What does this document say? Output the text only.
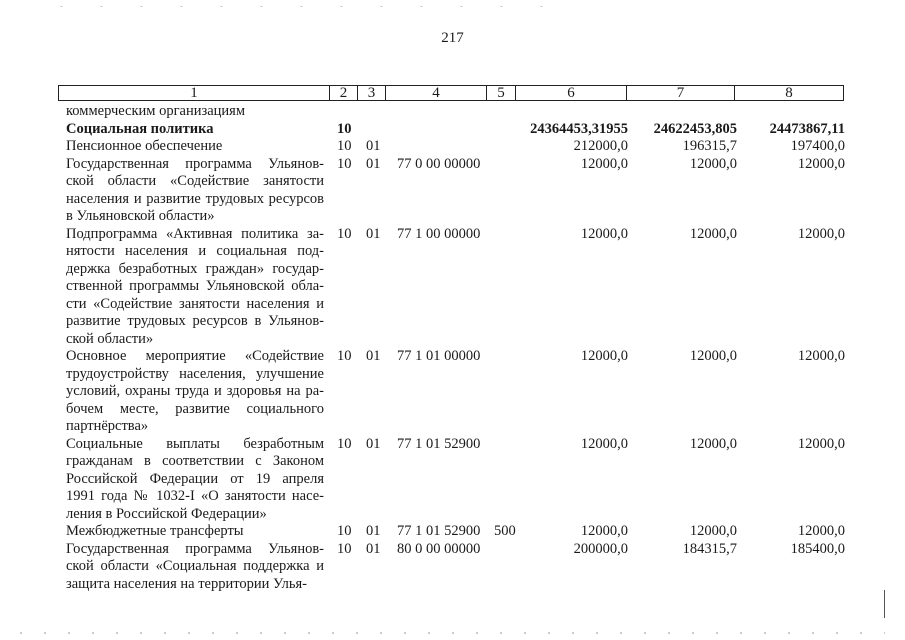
217
1	2	3	4	5	6	7	8
коммерческим организациям
Социальная политика	10	24364453,31955 24622453,805 24473867,11
Пенсионное обеспечение	10 01	212000,0	196315,7	197400,0
Государственная программа Ульянов-
ской области «Содействие занятости
населения и развитие трудовых ресурсов
в Ульяновской области»
10 01 77 0 00 00000	12000,0	12000,0	12000,0
Подпрограмма «Активная политика за-
нятости населения и социальная под-
держка безработных граждан» государ-
ственной программы Ульяновской обла-
сти «Содействие занятости населения и
развитие трудовых ресурсов в Ульянов-
ской области»
10 01 77 1 00 00000	12000,0	12000,0	12000,0
Основное мероприятие «Содействие
трудоустройству населения, улучшение
условий, охраны труда и здоровья на ра-
бочем месте, развитие социального
партнёрства»
10 01 77 1 01 00000	12000,0	12000,0	12000,0
Социальные выплаты безработным
гражданам в соответствии с Законом
Российской Федерации от 19 апреля
1991 года № 1032-I «О занятости насе-
ления в Российской Федерации»
10 01 77 1 01 52900	12000,0	12000,0	12000,0
Межбюджетные трансферты	10 01 77 1 01 52900 500	12000,0	12000,0	12000,0
Государственная программа Ульянов-
ской области «Социальная поддержка и
защита населения на территории Улья-
10 01 80 0 00 00000	200000,0	184315,7	185400,0
